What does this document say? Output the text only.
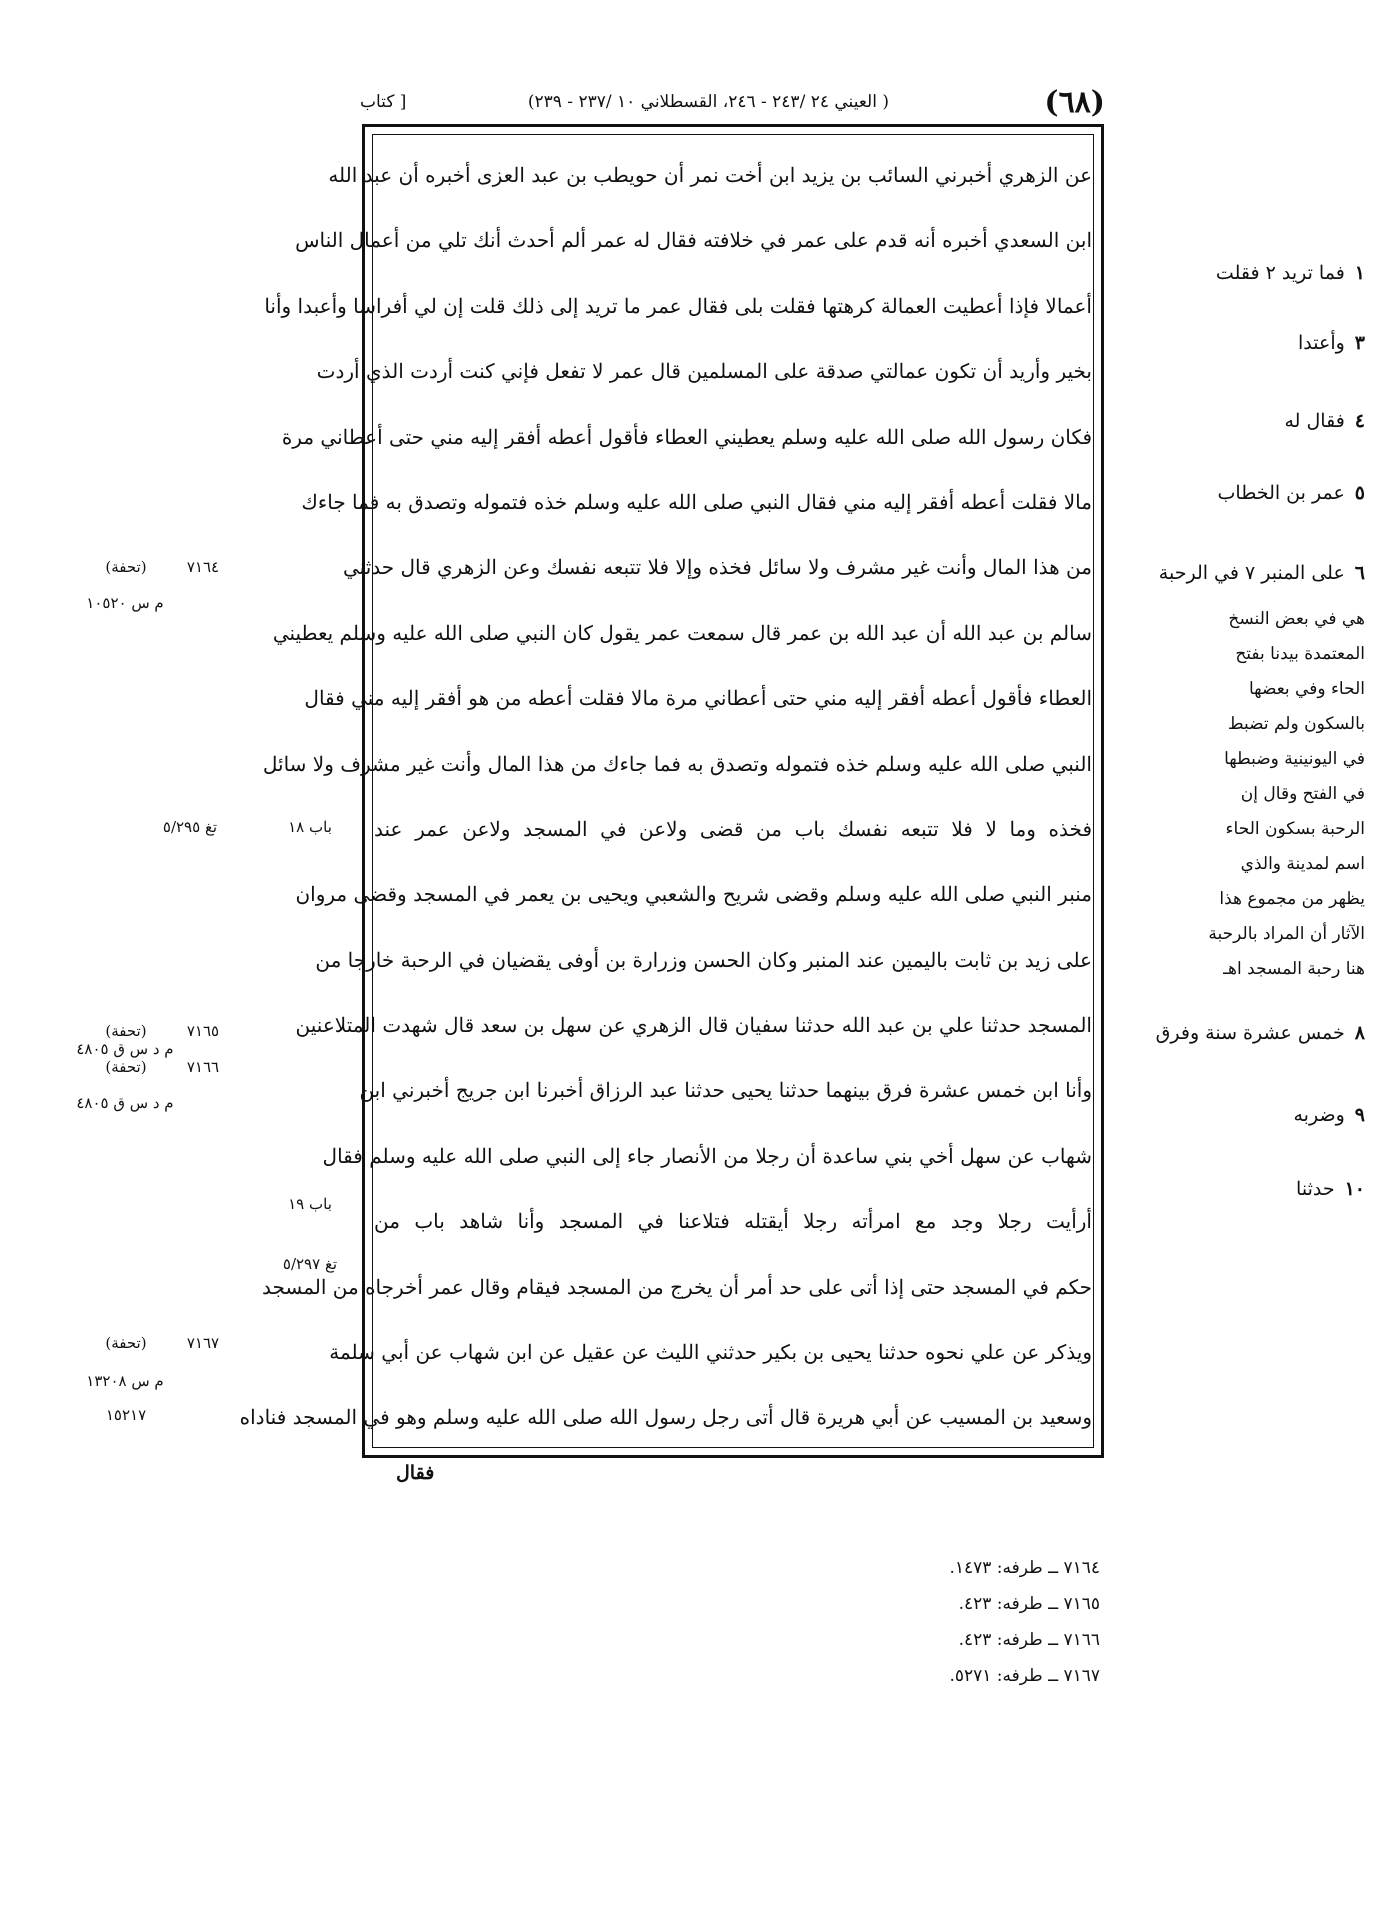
(٦٨)
( العيني ٢٤ /٢٤٣ - ٢٤٦، القسطلاني ١٠ /٢٣٧ - ٢٣٩)
[ كتاب
عن الزهري أخبرني السائب بن يزيد ابن أخت نمر أن حويطب بن عبد العزى أخبره أن عبد الله
ابن السعدي أخبره أنه قدم على عمر في خلافته فقال له عمر ألم أحدث أنك تلي من أعمال الناس
أعمالا فإذا أعطيت العمالة كرهتها فقلت بلى فقال عمر ما تريد إلى ذلك قلت إن لي أفراسا وأعبدا وأنا
بخير وأريد أن تكون عمالتي صدقة على المسلمين قال عمر لا تفعل فإني كنت أردت الذي أردت
فكان رسول الله صلى الله عليه وسلم يعطيني العطاء فأقول أعطه أفقر إليه مني حتى أعطاني مرة
مالا فقلت أعطه أفقر إليه مني فقال النبي صلى الله عليه وسلم خذه فتموله وتصدق به فما جاءك
من هذا المال وأنت غير مشرف ولا سائل فخذه وإلا فلا تتبعه نفسك وعن الزهري قال حدثني
سالم بن عبد الله أن عبد الله بن عمر قال سمعت عمر يقول كان النبي صلى الله عليه وسلم يعطيني
العطاء فأقول أعطه أفقر إليه مني حتى أعطاني مرة مالا فقلت أعطه من هو أفقر إليه مني فقال
النبي صلى الله عليه وسلم خذه فتموله وتصدق به فما جاءك من هذا المال وأنت غير مشرف ولا سائل
فخذه وما لا فلا تتبعه نفسك باب من قضى ولاعن في المسجد ولاعن عمر عند
منبر النبي صلى الله عليه وسلم وقضى شريح والشعبي ويحيى بن يعمر في المسجد وقضى مروان
على زيد بن ثابت باليمين عند المنبر وكان الحسن وزرارة بن أوفى يقضيان في الرحبة خارجا من
المسجد حدثنا علي بن عبد الله حدثنا سفيان قال الزهري عن سهل بن سعد قال شهدت المتلاعنين
وأنا ابن خمس عشرة فرق بينهما حدثنا يحيى حدثنا عبد الرزاق أخبرنا ابن جريج أخبرني ابن
شهاب عن سهل أخي بني ساعدة أن رجلا من الأنصار جاء إلى النبي صلى الله عليه وسلم فقال
أرأيت رجلا وجد مع امرأته رجلا أيقتله فتلاعنا في المسجد وأنا شاهد باب من
حكم في المسجد حتى إذا أتى على حد أمر أن يخرج من المسجد فيقام وقال عمر أخرجاه من المسجد
ويذكر عن علي نحوه حدثنا يحيى بن بكير حدثني الليث عن عقيل عن ابن شهاب عن أبي سلمة
وسعيد بن المسيب عن أبي هريرة قال أتى رجل رسول الله صلى الله عليه وسلم وهو في المسجد فناداه
فقال
١فما تريد ٢ فقلت
٣وأعتدا
٤فقال له
٥عمر بن الخطاب
٦على المنبر ٧ في الرحبة
هي في بعض النسخ المعتمدة بيدنا بفتح الحاء وفي بعضها بالسكون ولم تضبط في اليونينية وضبطها في الفتح وقال إن الرحبة بسكون الحاء اسم لمدينة والذي يظهر من مجموع هذا الآثار أن المراد بالرحبة هنا رحبة المسجد اهـ
٨خمس عشرة سنة وفرق
٩وضربه
١٠حدثنا
٧١٦٤
(تحفة)
م س ١٠٥٢٠
باب ١٨
تغ ٥/٢٩٥
٧١٦٥
(تحفة)
م د س ق ٤٨٠٥
٧١٦٦
(تحفة)
م د س ق ٤٨٠٥
باب ١٩
تغ ٥/٢٩٧
٧١٦٧
(تحفة)
م س ١٣٢٠٨
١٥٢١٧
٧١٦٤ ــ طرفه: ١٤٧٣.
٧١٦٥ ــ طرفه: ٤٢٣.
٧١٦٦ ــ طرفه: ٤٢٣.
٧١٦٧ ــ طرفه: ٥٢٧١.
